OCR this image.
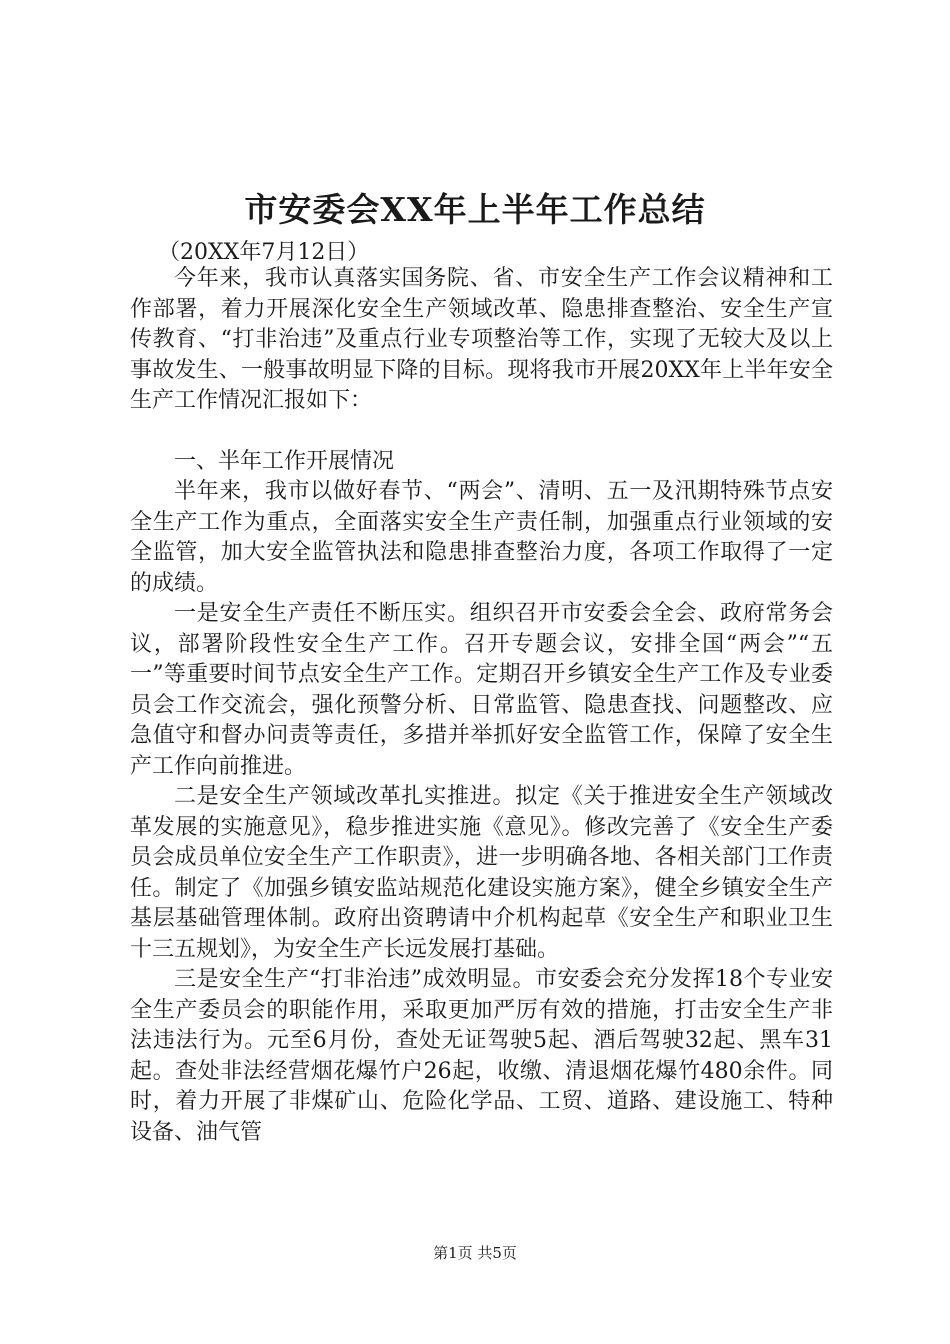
市安委会XX年上半年工作总结

（20XX年7月12日）

今年来，我市认真落实国务院、省、市安全生产工作会议精神和工作部署，着力开展深化安全生产领域改革、隐患排查整治、安全生产宣传教育、“打非治违”及重点行业专项整治等工作，实现了无较大及以上事故发生、一般事故明显下降的目标。现将我市开展20XX年上半年安全生产工作情况汇报如下：

一、半年工作开展情况

半年来，我市以做好春节、“两会”、清明、五一及汛期特殊节点安全生产工作为重点，全面落实安全生产责任制，加强重点行业领域的安全监管，加大安全监管执法和隐患排查整治力度，各项工作取得了一定的成绩。

一是安全生产责任不断压实。组织召开市安委会全会、政府常务会议，部署阶段性安全生产工作。召开专题会议，安排全国“两会”“五一”等重要时间节点安全生产工作。定期召开乡镇安全生产工作及专业委员会工作交流会，强化预警分析、日常监管、隐患查找、问题整改、应急值守和督办问责等责任，多措并举抓好安全监管工作，保障了安全生产工作向前推进。

二是安全生产领域改革扎实推进。拟定《关于推进安全生产领域改革发展的实施意见》，稳步推进实施《意见》。修改完善了《安全生产委员会成员单位安全生产工作职责》，进一步明确各地、各相关部门工作责任。制定了《加强乡镇安监站规范化建设实施方案》，健全乡镇安全生产基层基础管理体制。政府出资聘请中介机构起草《安全生产和职业卫生十三五规划》，为安全生产长远发展打基础。

三是安全生产“打非治违”成效明显。市安委会充分发挥18个专业安全生产委员会的职能作用，采取更加严厉有效的措施，打击安全生产非法违法行为。元至6月份，查处无证驾驶5起、酒后驾驶32起、黑车31起。查处非法经营烟花爆竹户26起，收缴、清退烟花爆竹480余件。同时，着力开展了非煤矿山、危险化学品、工贸、道路、建设施工、特种设备、油气管

第1页 共5页
